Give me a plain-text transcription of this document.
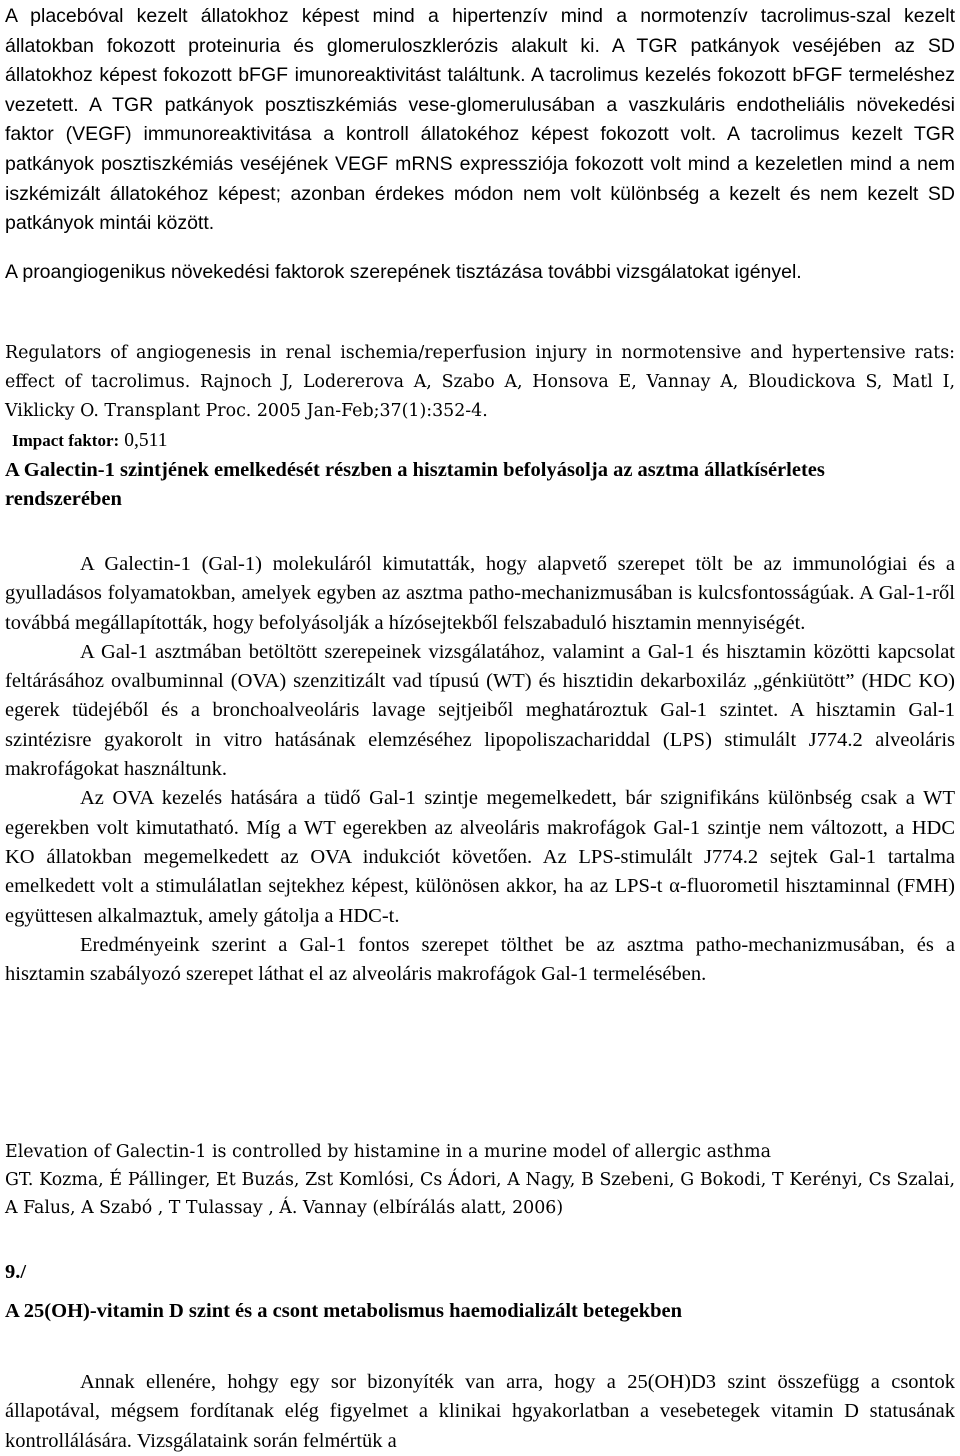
A placebóval kezelt állatokhoz képest mind a hipertenzív mind a normotenzív tacrolimus-szal kezelt állatokban fokozott proteinuria és glomeruloszklerózis alakult ki. A TGR patkányok veséjében az SD állatokhoz képest fokozott bFGF imunoreaktivitást találtunk. A tacrolimus kezelés fokozott bFGF termeléshez vezetett. A TGR patkányok posztiszkémiás vese-glomerulusában a vaszkuláris endotheliális növekedési faktor (VEGF) immunoreaktivitása a kontroll állatokéhoz képest fokozott volt. A tacrolimus kezelt TGR patkányok posztiszkémiás veséjének VEGF mRNS expressziója fokozott volt mind a kezeletlen mind a nem iszkémizált állatokéhoz képest; azonban érdekes módon nem volt különbség a kezelt és nem kezelt SD patkányok mintái között.

A proangiogenikus növekedési faktorok szerepének tisztázása további vizsgálatokat igényel.

Regulators of angiogenesis in renal ischemia/reperfusion injury in normotensive and hypertensive rats: effect of tacrolimus. Rajnoch J, Lodererova A, Szabo A, Honsova E, Vannay A, Bloudickova S, Matl I, Viklicky O. Transplant Proc. 2005 Jan-Feb;37(1):352-4.

Impact faktor: 0,511

A Galectin-1 szintjének emelkedését részben a hisztamin befolyásolja az asztma állatkísérletes rendszerében

A Galectin-1 (Gal-1) molekuláról kimutatták, hogy alapvető szerepet tölt be az immunológiai és a gyulladásos folyamatokban, amelyek egyben az asztma patho-mechanizmusában is kulcsfontosságúak. A Gal-1-ről továbbá megállapították, hogy befolyásolják a hízósejtekből felszabaduló hisztamin mennyiségét.

A Gal-1 asztmában betöltött szerepeinek vizsgálatához, valamint a Gal-1 és hisztamin közötti kapcsolat feltárásához ovalbuminnal (OVA) szenzitizált vad típusú (WT) és hisztidin dekarboxiláz „génkiütött” (HDC KO) egerek tüdejéből és a bronchoalveoláris lavage sejtjeiből meghatároztuk Gal-1 szintet. A hisztamin Gal-1 szintézisre gyakorolt in vitro hatásának elemzéséhez lipopoliszachariddal (LPS) stimulált J774.2 alveoláris makrofágokat használtunk.

Az OVA kezelés hatására a tüdő Gal-1 szintje megemelkedett, bár szignifikáns különbség csak a WT egerekben volt kimutatható. Míg a WT egerekben az alveoláris makrofágok Gal-1 szintje nem változott, a HDC KO állatokban megemelkedett az OVA indukciót követően. Az LPS-stimulált J774.2 sejtek Gal-1 tartalma emelkedett volt a stimulálatlan sejtekhez képest, különösen akkor, ha az LPS-t α-fluorometil hisztaminnal (FMH) együttesen alkalmaztuk, amely gátolja a HDC-t.

Eredményeink szerint a Gal-1 fontos szerepet tölthet be az asztma patho-mechanizmusában, és a hisztamin szabályozó szerepet láthat el az alveoláris makrofágok Gal-1 termelésében.

Elevation of Galectin-1 is controlled by histamine in a murine model of allergic asthma

GT. Kozma, É Pállinger, Et Buzás, Zst Komlósi, Cs Ádori, A Nagy, B Szebeni, G Bokodi, T Kerényi, Cs Szalai, A Falus, A Szabó , T Tulassay , Á. Vannay (elbírálás alatt, 2006)

9./

A 25(OH)-vitamin D szint és a csont metabolismus haemodializált betegekben

Annak ellenére, hohgy egy sor bizonyíték van arra, hogy a 25(OH)D3 szint összefügg a csontok állapotával, mégsem fordítanak elég figyelmet a klinikai hgyakorlatban a vesebetegek vitamin D statusának kontrollálására. Vizsgálataink során felmértük a
